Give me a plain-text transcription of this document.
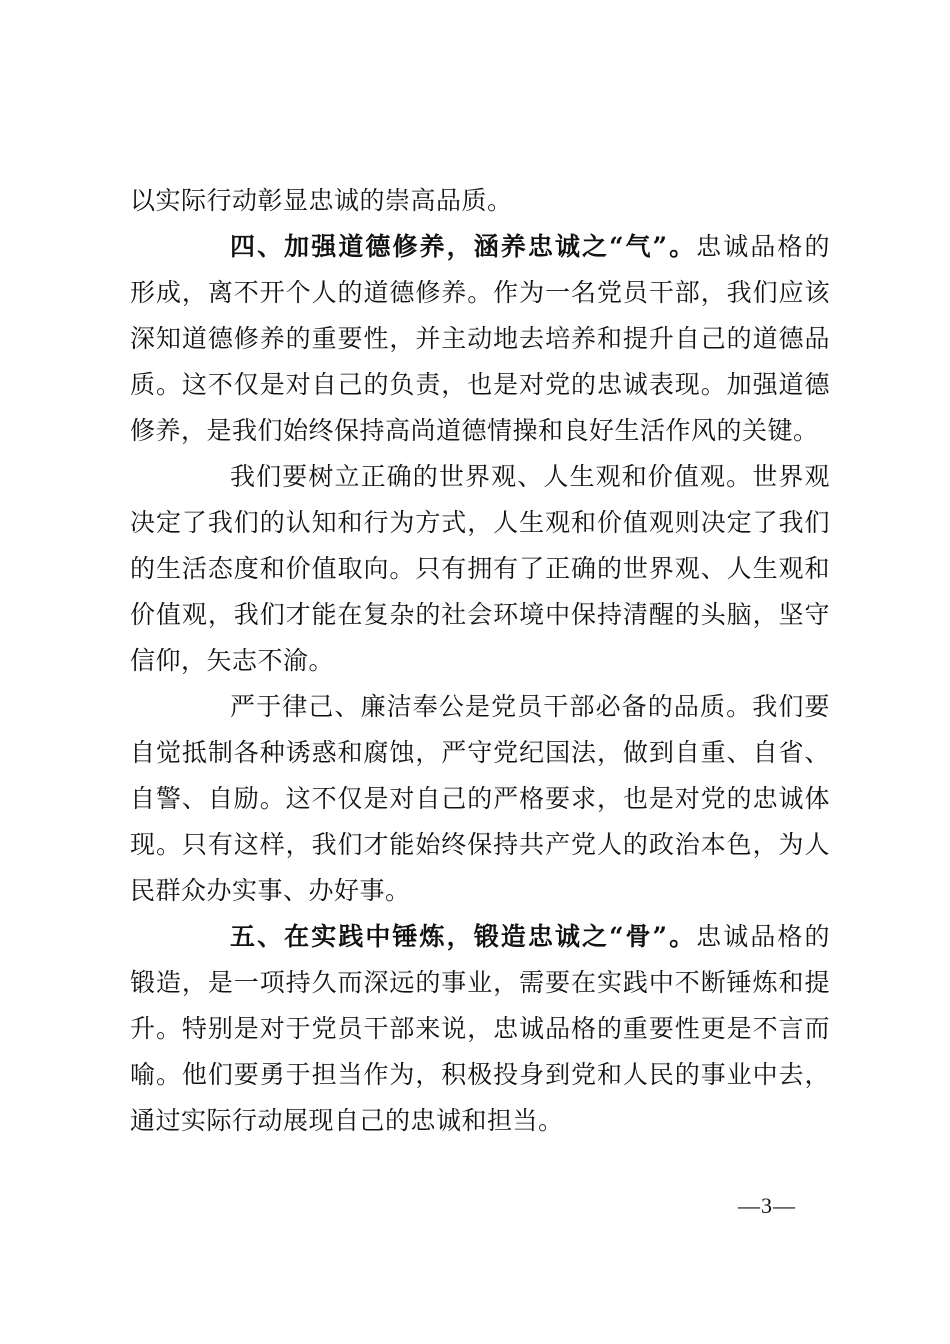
以实际行动彰显忠诚的崇高品质。
四、加强道德修养，涵养忠诚之“气”。忠诚品格的
形成，离不开个人的道德修养。作为一名党员干部，我们应该
深知道德修养的重要性，并主动地去培养和提升自己的道德品
质。这不仅是对自己的负责，也是对党的忠诚表现。加强道德
修养，是我们始终保持高尚道德情操和良好生活作风的关键。
我们要树立正确的世界观、人生观和价值观。世界观
决定了我们的认知和行为方式，人生观和价值观则决定了我们
的生活态度和价值取向。只有拥有了正确的世界观、人生观和
价值观，我们才能在复杂的社会环境中保持清醒的头脑，坚守
信仰，矢志不渝。
严于律己、廉洁奉公是党员干部必备的品质。我们要
自觉抵制各种诱惑和腐蚀，严守党纪国法，做到自重、自省、
自警、自励。这不仅是对自己的严格要求，也是对党的忠诚体
现。只有这样，我们才能始终保持共产党人的政治本色，为人
民群众办实事、办好事。
五、在实践中锤炼，锻造忠诚之“骨”。忠诚品格的
锻造，是一项持久而深远的事业，需要在实践中不断锤炼和提
升。特别是对于党员干部来说，忠诚品格的重要性更是不言而
喻。他们要勇于担当作为，积极投身到党和人民的事业中去，
通过实际行动展现自己的忠诚和担当。
—3—
